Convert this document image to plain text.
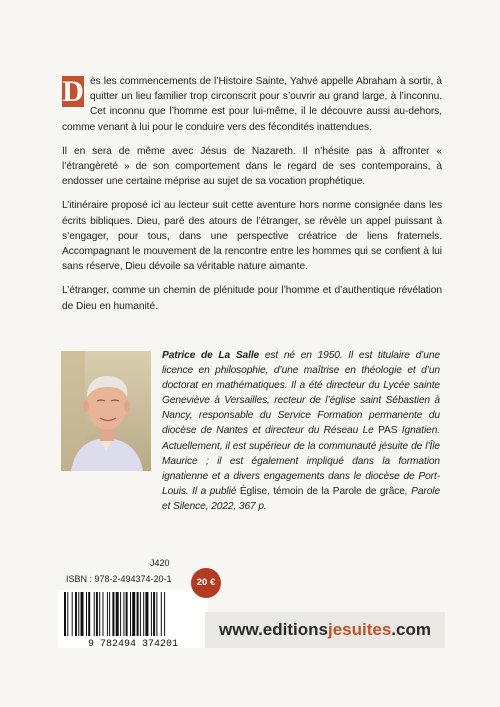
D ès les commencements de l’Histoire Sainte, Yahvé appelle Abraham à sortir, à quitter un lieu familier trop circonscrit pour s’ouvrir au grand large, à l’inconnu. Cet inconnu que l’homme est pour lui-même, il le découvre aussi au-dehors, comme venant à lui pour le conduire vers des fécondités inattendues.

Il en sera de même avec Jésus de Nazareth. Il n’hésite pas à affronter « l’étrangèreté » de son comportement dans le regard de ses contemporains, à endosser une certaine méprise au sujet de sa vocation prophétique.

L’itinéraire proposé ici au lecteur suit cette aventure hors norme consignée dans les écrits bibliques. Dieu, paré des atours de l’étranger, se révèle un appel puissant à s’engager, pour tous, dans une perspective créatrice de liens fraternels. Accompagnant le mouvement de la rencontre entre les hommes qui se confient à lui sans réserve, Dieu dévoile sa véritable nature aimante.

L’étranger, comme un chemin de plénitude pour l’homme et d’authentique révélation de Dieu en humanité.

Patrice de La Salle est né en 1950. Il est titulaire d’une licence en philosophie, d’une maîtrise en théologie et d’un doctorat en mathématiques. Il a été directeur du Lycée sainte Geneviève à Versailles, recteur de l’église saint Sébastien à Nancy, responsable du Service Formation permanente du diocèse de Nantes et directeur du Réseau Le PAS Ignatien. Actuellement, il est supérieur de la communauté jésuite de l’Île Maurice ; il est également impliqué dans la formation ignatienne et a divers engagements dans le diocèse de Port-Louis. Il a publié Église, témoin de la Parole de grâce, Parole et Silence, 2022, 367 p.
J420
ISBN : 978-2-494374-20-1
9 782494 374201
20 €
www.editionsjesuites.com
